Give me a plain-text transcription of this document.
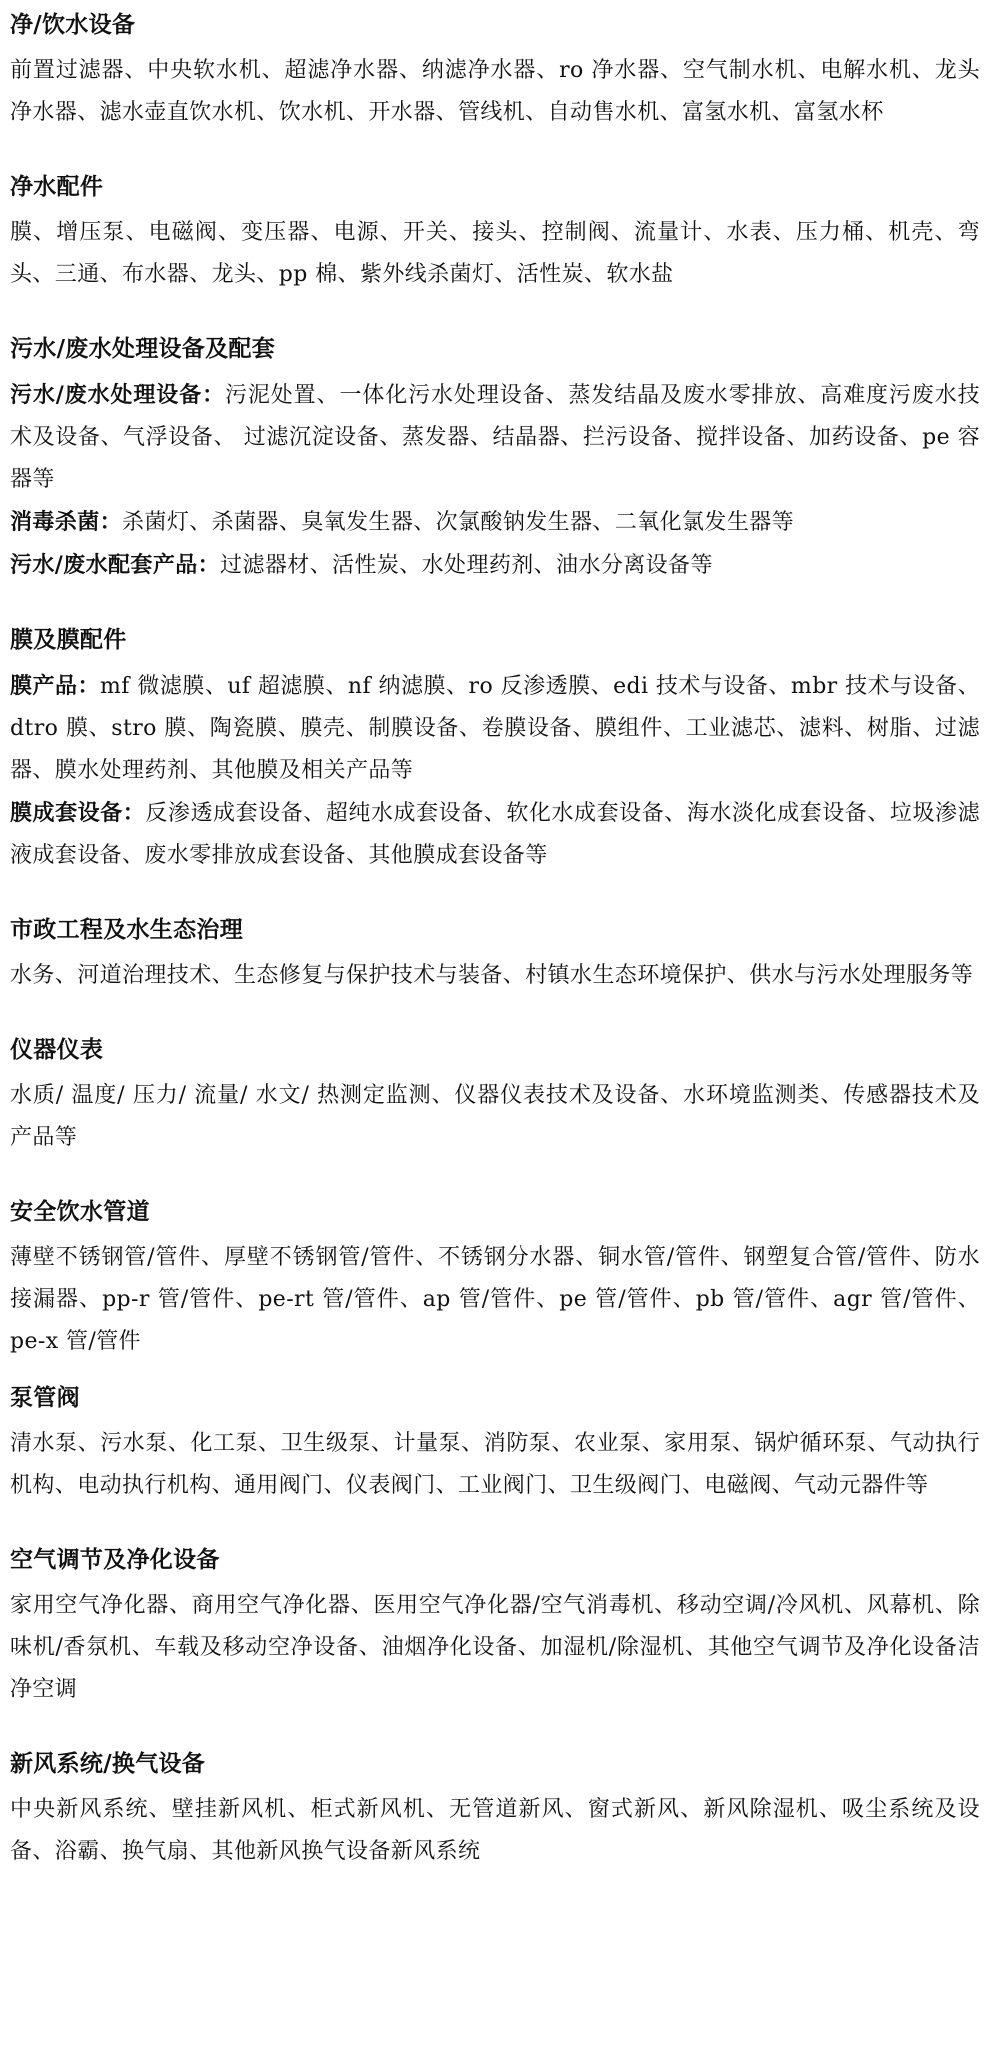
净/饮水设备

前置过滤器、中央软水机、超滤净水器、纳滤净水器、ro 净水器、空气制水机、电解水机、龙头净水器、滤水壶直饮水机、饮水机、开水器、管线机、自动售水机、富氢水机、富氢水杯

净水配件

膜、增压泵、电磁阀、变压器、电源、开关、接头、控制阀、流量计、水表、压力桶、机壳、弯头、三通、布水器、龙头、pp 棉、紫外线杀菌灯、活性炭、软水盐

污水/废水处理设备及配套

污水/废水处理设备：污泥处置、一体化污水处理设备、蒸发结晶及废水零排放、高难度污废水技术及设备、气浮设备、 过滤沉淀设备、蒸发器、结晶器、拦污设备、搅拌设备、加药设备、pe 容器等

消毒杀菌：杀菌灯、杀菌器、臭氧发生器、次氯酸钠发生器、二氧化氯发生器等

污水/废水配套产品：过滤器材、活性炭、水处理药剂、油水分离设备等

膜及膜配件

膜产品：mf 微滤膜、uf 超滤膜、nf 纳滤膜、ro 反渗透膜、edi 技术与设备、mbr 技术与设备、dtro 膜、stro 膜、陶瓷膜、膜壳、制膜设备、卷膜设备、膜组件、工业滤芯、滤料、树脂、过滤器、膜水处理药剂、其他膜及相关产品等

膜成套设备：反渗透成套设备、超纯水成套设备、软化水成套设备、海水淡化成套设备、垃圾渗滤液成套设备、废水零排放成套设备、其他膜成套设备等

市政工程及水生态治理

水务、河道治理技术、生态修复与保护技术与装备、村镇水生态环境保护、供水与污水处理服务等

仪器仪表

水质/ 温度/ 压力/ 流量/ 水文/ 热测定监测、仪器仪表技术及设备、水环境监测类、传感器技术及产品等

安全饮水管道

薄壁不锈钢管/管件、厚壁不锈钢管/管件、不锈钢分水器、铜水管/管件、钢塑复合管/管件、防水接漏器、pp-r 管/管件、pe-rt 管/管件、ap 管/管件、pe 管/管件、pb 管/管件、agr 管/管件、pe-x 管/管件

泵管阀

清水泵、污水泵、化工泵、卫生级泵、计量泵、消防泵、农业泵、家用泵、锅炉循环泵、气动执行机构、电动执行机构、通用阀门、仪表阀门、工业阀门、卫生级阀门、电磁阀、气动元器件等

空气调节及净化设备

家用空气净化器、商用空气净化器、医用空气净化器/空气消毒机、移动空调/冷风机、风幕机、除味机/香氛机、车载及移动空净设备、油烟净化设备、加湿机/除湿机、其他空气调节及净化设备洁净空调

新风系统/换气设备

中央新风系统、壁挂新风机、柜式新风机、无管道新风、窗式新风、新风除湿机、吸尘系统及设备、浴霸、换气扇、其他新风换气设备新风系统
